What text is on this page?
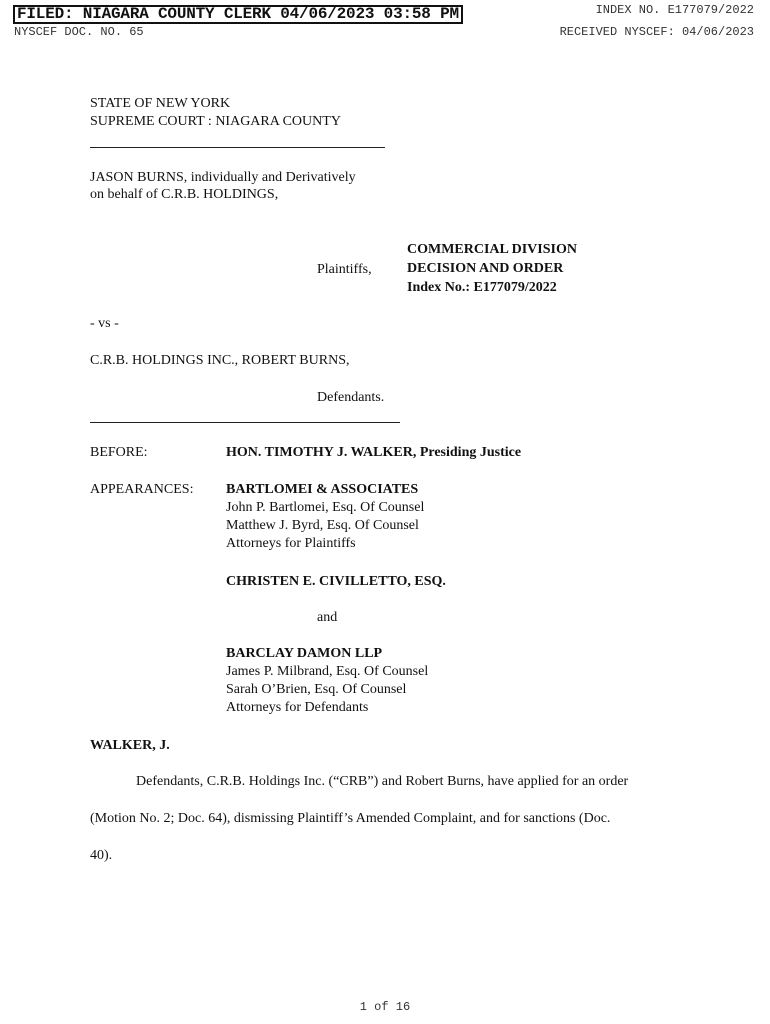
FILED: NIAGARA COUNTY CLERK 04/06/2023 03:58 PM
NYSCEF DOC. NO. 65
INDEX NO. E177079/2022
RECEIVED NYSCEF: 04/06/2023
STATE OF NEW YORK
SUPREME COURT : NIAGARA COUNTY
JASON BURNS, individually and Derivatively
on behalf of C.R.B. HOLDINGS,
Plaintiffs,
COMMERCIAL DIVISION
DECISION AND ORDER
Index No.: E177079/2022
- vs -
C.R.B. HOLDINGS INC., ROBERT BURNS,
Defendants.
BEFORE:	HON. TIMOTHY J. WALKER, Presiding Justice
APPEARANCES: BARTLOMEI & ASSOCIATES
John P. Bartlomei, Esq. Of Counsel
Matthew J. Byrd, Esq. Of Counsel
Attorneys for Plaintiffs
CHRISTEN E. CIVILLETTO, ESQ.
and
BARCLAY DAMON LLP
James P. Milbrand, Esq. Of Counsel
Sarah O’Brien, Esq. Of Counsel
Attorneys for Defendants
WALKER, J.
Defendants, C.R.B. Holdings Inc. (“CRB”) and Robert Burns, have applied for an order
(Motion No. 2; Doc. 64), dismissing Plaintiff’s Amended Complaint, and for sanctions (Doc.
40).
1 of 16
